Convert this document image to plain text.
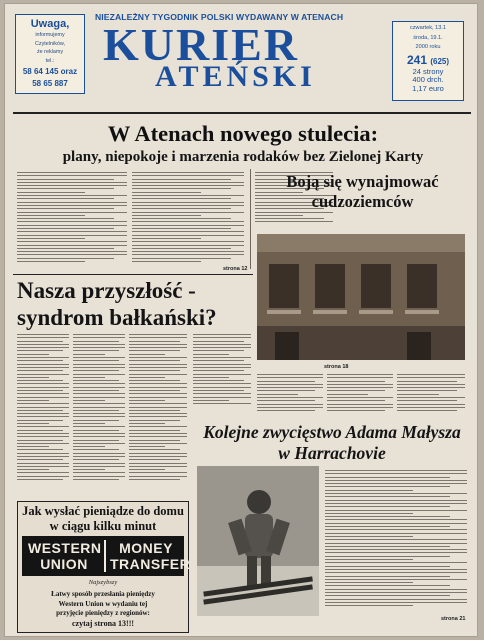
Uwaga,
informujemy
Czytelników,
że reklamy
tel.:
58 64 145 oraz
58 65 887
NIEZALEŻNY TYGODNIK POLSKI WYDAWANY W ATENACH
KURIER
ATEŃSKI
czwartek, 13.1
środa, 19.1.
2000 roku
241 (625)
24 strony
400 drch.
1,17 euro
W Atenach nowego stulecia:
plany, niepokoje i marzenia rodaków bez Zielonej Karty
strona 12
Boją się wynajmować cudzoziemców
strona 18
Nasza przyszłość - syndrom bałkański?
Kolejne zwycięstwo Adama Małysza w Harrachovie
strona 21
Jak wysłać pieniądze do domu w ciągu kilku minut
WESTERN
UNION
MONEY
TRANSFER
Najszybszy
Łatwy sposób przesłania pieniędzy
Western Union w wydaniu tej
przyjęcie pieniędzy z regionów:
czytaj strona 13!!!
